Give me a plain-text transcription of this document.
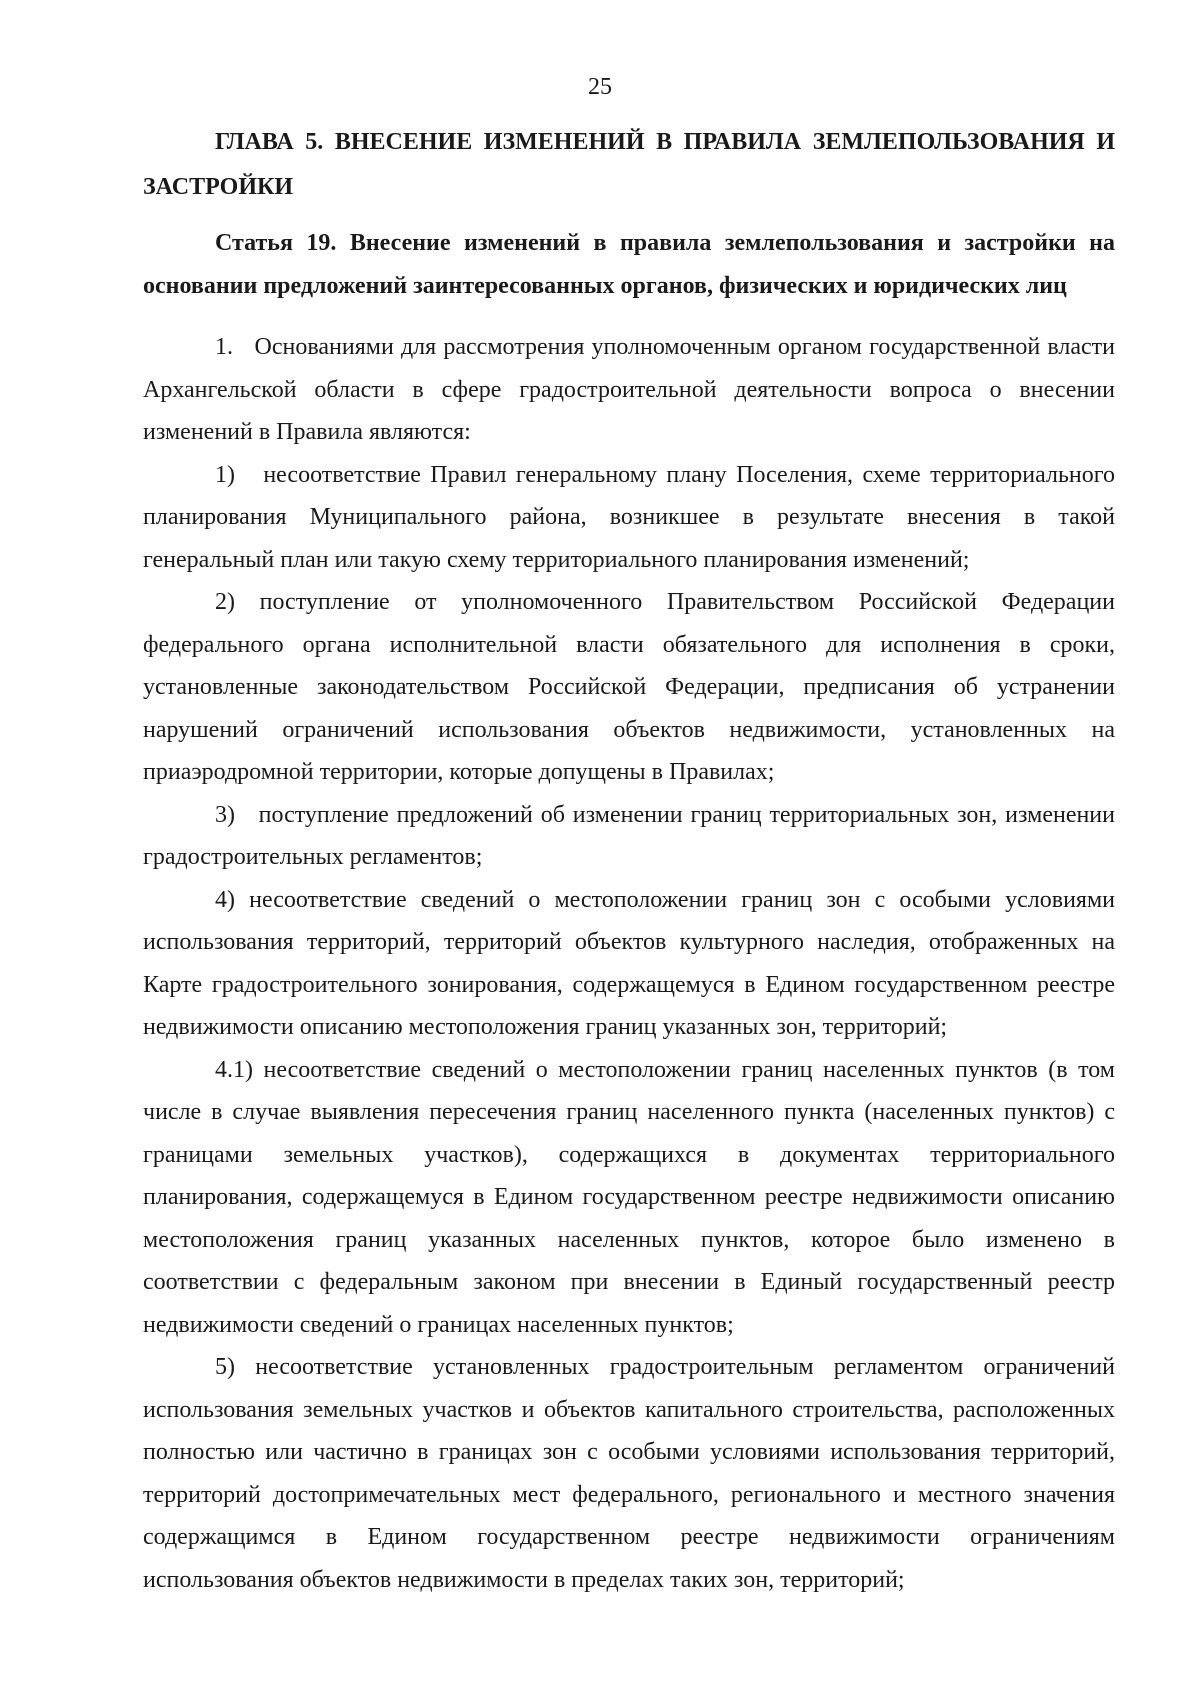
25

ГЛАВА 5. ВНЕСЕНИЕ ИЗМЕНЕНИЙ В ПРАВИЛА ЗЕМЛЕПОЛЬЗОВАНИЯ И ЗАСТРОЙКИ

Статья 19. Внесение изменений в правила землепользования и застройки на основании предложений заинтересованных органов, физических и юридических лиц

1.   Основаниями для рассмотрения уполномоченным органом государственной власти Архангельской области в сфере градостроительной деятельности вопроса о внесении изменений в Правила являются:

1)   несоответствие Правил генеральному плану Поселения, схеме территориального планирования Муниципального района, возникшее в результате внесения в такой генеральный план или такую схему территориального планирования изменений;

2) поступление от уполномоченного Правительством Российской Федерации федерального органа исполнительной власти обязательного для исполнения в сроки, установленные законодательством Российской Федерации, предписания об устранении нарушений ограничений использования объектов недвижимости, установленных на приаэродромной территории, которые допущены в Правилах;

3)   поступление предложений об изменении границ территориальных зон, изменении градостроительных регламентов;

4) несоответствие сведений о местоположении границ зон с особыми условиями использования территорий, территорий объектов культурного наследия, отображенных на Карте градостроительного зонирования, содержащемуся в Едином государственном реестре недвижимости описанию местоположения границ указанных зон, территорий;

4.1) несоответствие сведений о местоположении границ населенных пунктов (в том числе в случае выявления пересечения границ населенного пункта (населенных пунктов) с границами земельных участков), содержащихся в документах территориального планирования, содержащемуся в Едином государственном реестре недвижимости описанию местоположения границ указанных населенных пунктов, которое было изменено в соответствии с федеральным законом при внесении в Единый государственный реестр недвижимости сведений о границах населенных пунктов;

5) несоответствие установленных градостроительным регламентом ограничений использования земельных участков и объектов капитального строительства, расположенных полностью или частично в границах зон с особыми условиями использования территорий, территорий достопримечательных мест федерального, регионального и местного значения содержащимся в Едином государственном реестре недвижимости ограничениям использования объектов недвижимости в пределах таких зон, территорий;
